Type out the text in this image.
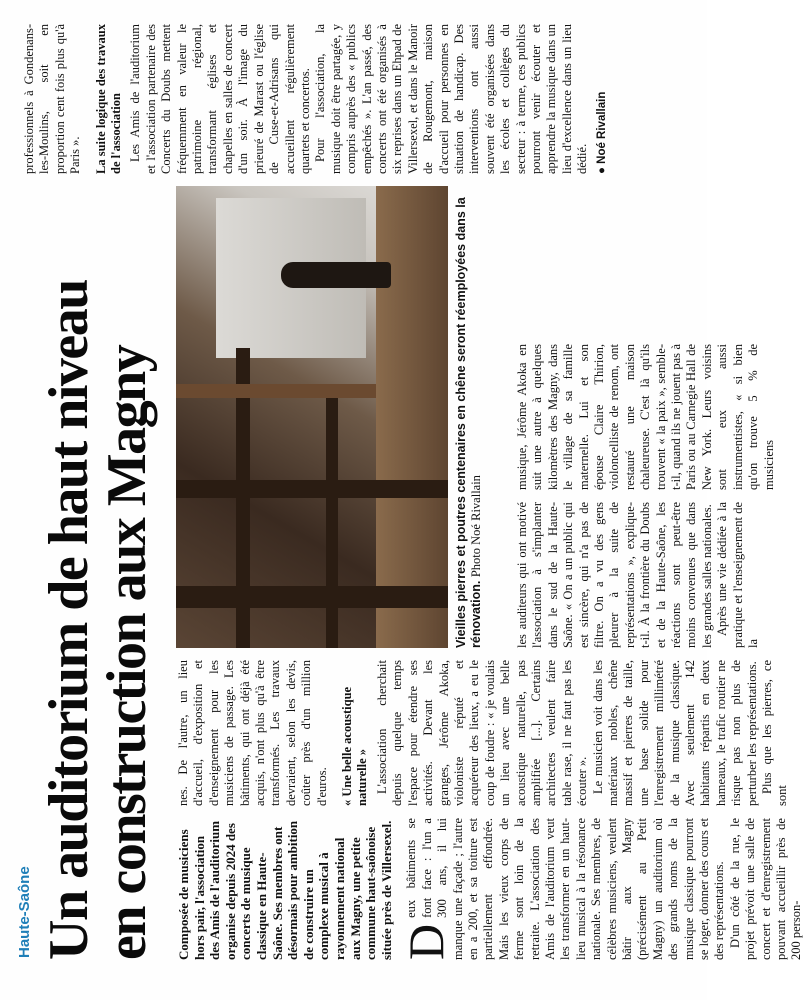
Haute-Saône Un auditorium de haut niveau
en construction aux Magny Composée de musiciens hors pair, l'association des Amis de l'auditorium organise depuis 2024 des concerts de musique classique en Haute-Saône. Ses membres ont désormais pour ambition de construire un complexe musical à rayonnement national aux Magny, une petite commune haut-saônoise située près de Villersexel. D

eux bâtiments se font face : l'un a 300 ans, il lui manque une façade ; l'autre en a 200, et sa toiture est partiellement effondrée. Mais les vieux corps de ferme sont loin de la retraite. L'association des Amis de l'auditorium veut les transformer en un haut-lieu musical à la résonance nationale. Ses membres, de célèbres musiciens, veulent bâtir aux Magny (précisément au Petit Magny) un auditorium où des grands noms de la musique classique pourront se loger, donner des cours et des représentations. D'un côté de la rue, le projet prévoit une salle de concert et d'enregistrement pouvant accueillir près de 200 person-

nes. De l'autre, un lieu d'accueil, d'exposition et d'enseignement pour les musiciens de passage. Les bâtiments, qui ont déjà été acquis, n'ont plus qu'à être transformés. Les travaux devraient, selon les devis, coûter près d'un million d'euros. « Une belle acoustique naturelle » L'association cherchait depuis quelque temps l'espace pour étendre ses activités. Devant les granges, Jérôme Akoka, violoniste réputé et acquéreur des lieux, a eu le coup de foudre : « je voulais un lieu avec une belle acoustique naturelle, pas amplifiée [...]. Certains architectes veulent faire table rase, il ne faut pas les écouter ». Le musicien voit dans les matériaux nobles, chêne massif et pierres de taille, une base solide pour l'enregistrement millimétré de la musique classique. Avec seulement 142 habitants répartis en deux hameaux, le trafic routier ne risque pas non plus de perturber les représentations. Plus que les pierres, ce sont

Vieilles pierres et poutres centenaires en chêne seront réemployées dans la rénovation. Photo Noé Rivallain	les auditeurs qui ont motivé l'association à s'implanter dans le sud de la Haute-Saône. « On a un public qui est sincère, qui n'a pas de filtre. On a vu des gens pleurer à la suite de représentations », explique-t-il. À la frontière du Doubs et de la Haute-Saône, les réactions sont peut-être moins convenues que dans les grandes salles nationales. Après une vie dédiée à la pratique et l'enseignement de la

musique, Jérôme Akoka en suit une autre à quelques kilomètres des Magny, dans le village de sa famille maternelle. Lui et son épouse Claire Thirion, violoncelliste de renom, ont restauré une maison chaleureuse. C'est là qu'ils trouvent « la paix », semble-t-il, quand ils ne jouent pas à Paris ou au Carnegie Hall de New York. Leurs voisins sont eux aussi instrumentistes, « si bien qu'on trouve 5 % de musiciens

professionnels à Gondenans-les-Moulins, soit en proportion cent fois plus qu'à Paris ». La suite logique des travaux de l'association Les Amis de l'auditorium et l'association partenaire des Concerts du Doubs mettent fréquemment en valeur le patrimoine régional, transformant églises et chapelles en salles de concert d'un soir. À l'image du prieuré de Marast ou l'église de Cuse-et-Adrisans qui accueillent régulièrement quartets et concertos. Pour l'association, la musique doit être partagée, y compris auprès des « publics empêchés ». L'an passé, des concerts ont été organisés à six reprises dans un Ehpad de Villersexel, et dans le Manoir de Rougemont, maison d'accueil pour personnes en situation de handicap. Des interventions ont aussi souvent été organisées dans les écoles et collèges du secteur : à terme, ces publics pourront venir écouter et apprendre la musique dans un lieu d'excellence dans un lieu dédié. ● Noé Rivallain
